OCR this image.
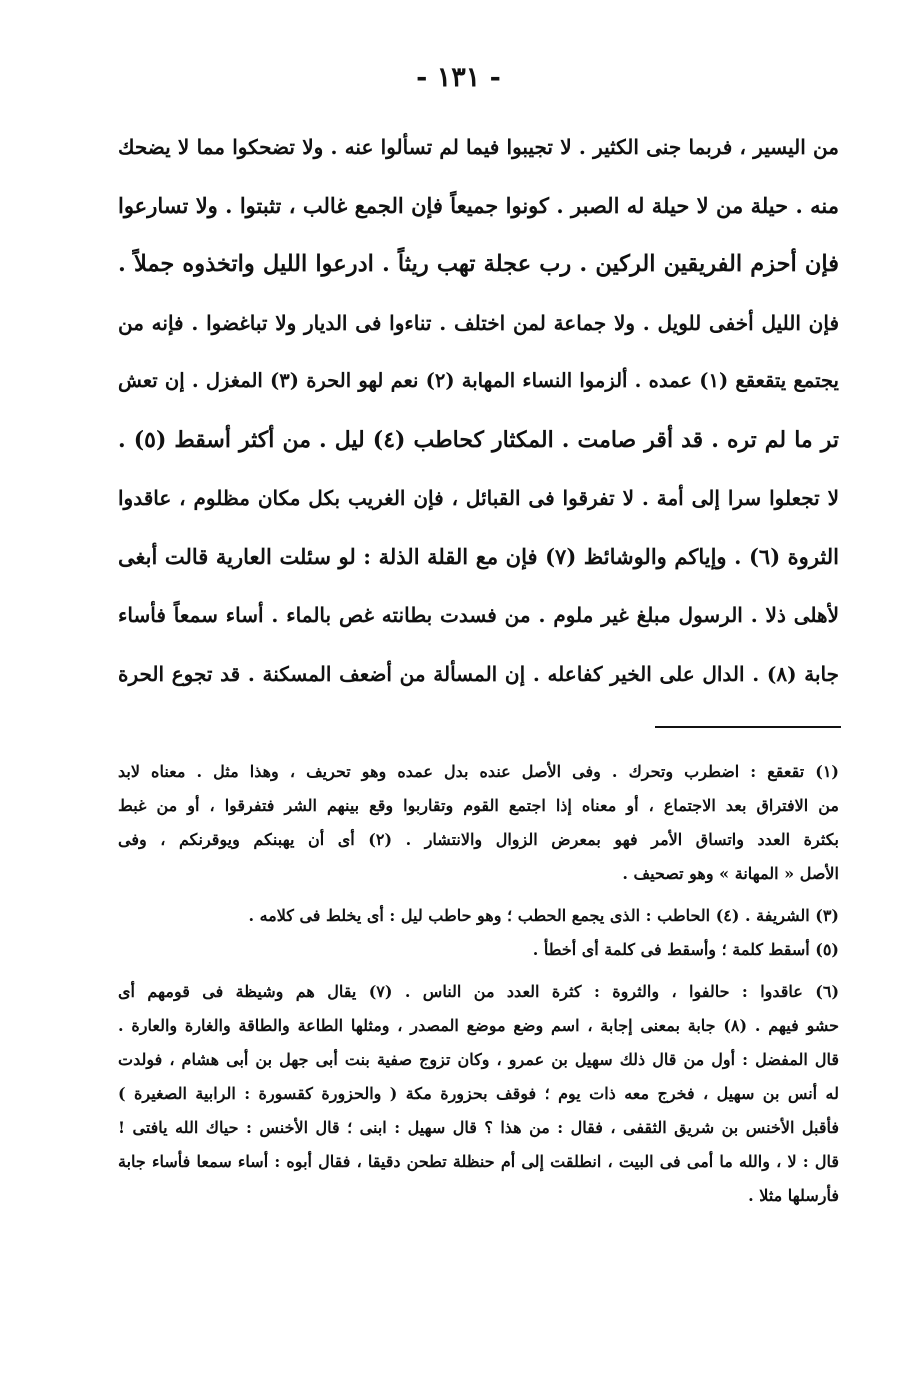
- ١٣١ -
من اليسير ، فربما جنى الكثير . لا تجيبوا فيما لم تسألوا عنه . ولا تضحكوا مما لا يضحك
منه . حيلة من لا حيلة له الصبر . كونوا جميعاً فإن الجمع غالب ، تثبتوا . ولا تسارعوا
فإن أحزم الفريقين الركين . رب عجلة تهب ريثاً . ادرعوا الليل واتخذوه جملاً .
فإن الليل أخفى للويل . ولا جماعة لمن اختلف . تناءوا فى الديار ولا تباغضوا . فإنه من
يجتمع يتقعقع (١) عمده . ألزموا النساء المهابة (٢) نعم لهو الحرة (٣) المغزل . إن تعش
تر ما لم تره . قد أقر صامت . المكثار كحاطب (٤) ليل . من أكثر أسقط (٥) .
لا تجعلوا سرا إلى أمة . لا تفرقوا فى القبائل ، فإن الغريب بكل مكان مظلوم ، عاقدوا
الثروة (٦) . وإياكم والوشائظ (٧) فإن مع القلة الذلة : لو سئلت العارية قالت أبغى
لأهلى ذلا . الرسول مبلغ غير ملوم . من فسدت بطانته غص بالماء . أساء سمعاً فأساء
جابة (٨) . الدال على الخير كفاعله . إن المسألة من أضعف المسكنة . قد تجوع الحرة
(١) تقعقع : اضطرب وتحرك . وفى الأصل عنده بدل عمده وهو تحريف ، وهذا مثل . معناه لابد
من الافتراق بعد الاجتماع ، أو معناه إذا اجتمع القوم وتقاربوا وقع بينهم الشر فتفرقوا ، أو من غبط
بكثرة العدد واتساق الأمر فهو بمعرض الزوال والانتشار . (٢) أى أن يهبنكم ويوقرنكم ، وفى
الأصل « المهانة » وهو تصحيف .
(٣) الشريفة . (٤) الحاطب : الذى يجمع الحطب ؛ وهو حاطب ليل : أى يخلط فى كلامه .
(٥) أسقط كلمة ؛ وأسقط فى كلمة أى أخطأ .
(٦) عاقدوا : حالفوا ، والثروة : كثرة العدد من الناس . (٧) يقال هم وشيظة فى قومهم أى
حشو فيهم . (٨) جابة بمعنى إجابة ، اسم وضع موضع المصدر ، ومثلها الطاعة والطاقة والغارة والعارة .
قال المفضل : أول من قال ذلك سهيل بن عمرو ، وكان تزوج صفية بنت أبى جهل بن أبى هشام ، فولدت
له أنس بن سهيل ، فخرج معه ذات يوم ؛ فوقف بحزورة مكة ( والحزورة كقسورة : الرابية الصغيرة )
فأقبل الأخنس بن شريق الثقفى ، فقال : من هذا ؟ قال سهيل : ابنى ؛ قال الأخنس : حياك الله يافتى !
قال : لا ، والله ما أمى فى البيت ، انطلقت إلى أم حنظلة تطحن دقيقا ، فقال أبوه : أساء سمعا فأساء جابة
فأرسلها مثلا .
